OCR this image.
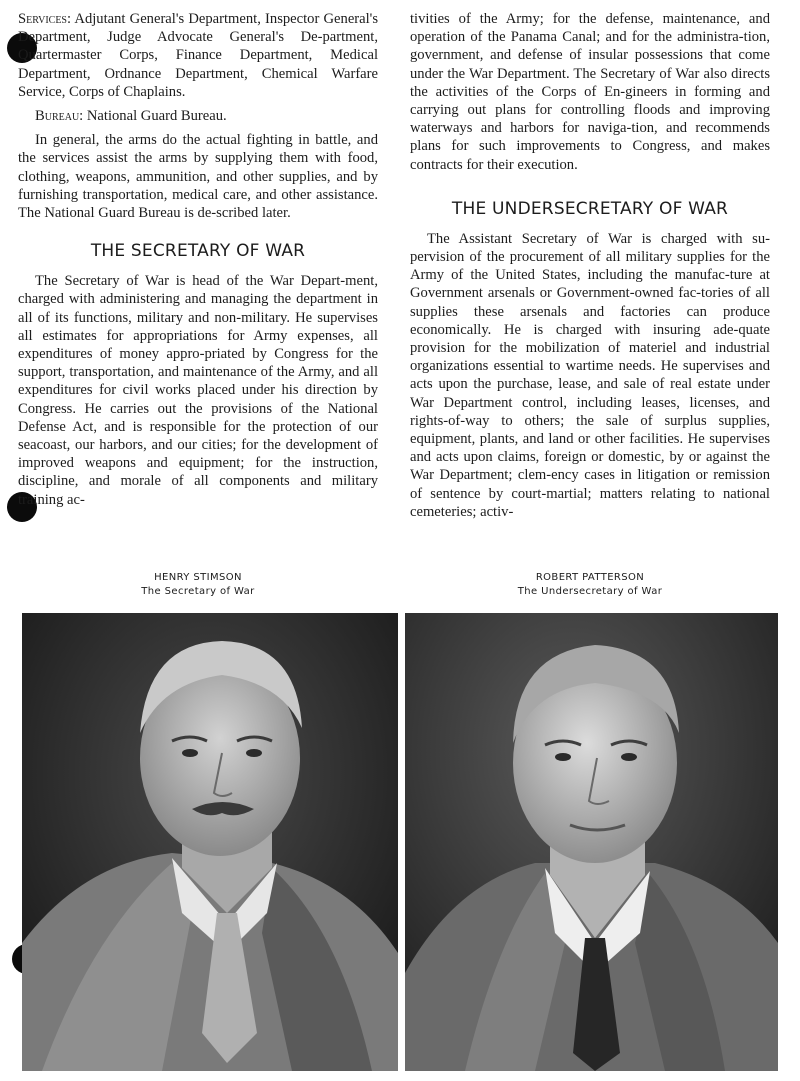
Services: Adjutant General's Department, Inspector General's Department, Judge Advocate General's De-partment, Quartermaster Corps, Finance Department, Medical Department, Ordnance Department, Chemical Warfare Service, Corps of Chaplains.

Bureau: National Guard Bureau.

In general, the arms do the actual fighting in battle, and the services assist the arms by supplying them with food, clothing, weapons, ammunition, and other supplies, and by furnishing transportation, medical care, and other assistance. The National Guard Bureau is de-scribed later.

THE SECRETARY OF WAR

The Secretary of War is head of the War Depart-ment, charged with administering and managing the department in all of its functions, military and non-military. He supervises all estimates for appropriations for Army expenses, all expenditures of money appro-priated by Congress for the support, transportation, and maintenance of the Army, and all expenditures for civil works placed under his direction by Congress. He carries out the provisions of the National Defense Act, and is responsible for the protection of our seacoast, our harbors, and our cities; for the development of improved weapons and equipment; for the instruction, discipline, and morale of all components and military training ac-

tivities of the Army; for the defense, maintenance, and operation of the Panama Canal; and for the administra-tion, government, and defense of insular possessions that come under the War Department. The Secretary of War also directs the activities of the Corps of En-gineers in forming and carrying out plans for controlling floods and improving waterways and harbors for naviga-tion, and recommends plans for such improvements to Congress, and makes contracts for their execution.

THE UNDERSECRETARY OF WAR

The Assistant Secretary of War is charged with su-pervision of the procurement of all military supplies for the Army of the United States, including the manufac-ture at Government arsenals or Government-owned fac-tories of all supplies these arsenals and factories can produce economically. He is charged with insuring ade-quate provision for the mobilization of materiel and industrial organizations essential to wartime needs. He supervises and acts upon the purchase, lease, and sale of real estate under War Department control, including leases, licenses, and rights-of-way to others; the sale of surplus supplies, equipment, plants, and land or other facilities. He supervises and acts upon claims, foreign or domestic, by or against the War Department; clem-ency cases in litigation or remission of sentence by court-martial; matters relating to national cemeteries; activ-

HENRY STIMSON
The Secretary of War
ROBERT PATTERSON
The Undersecretary of War
